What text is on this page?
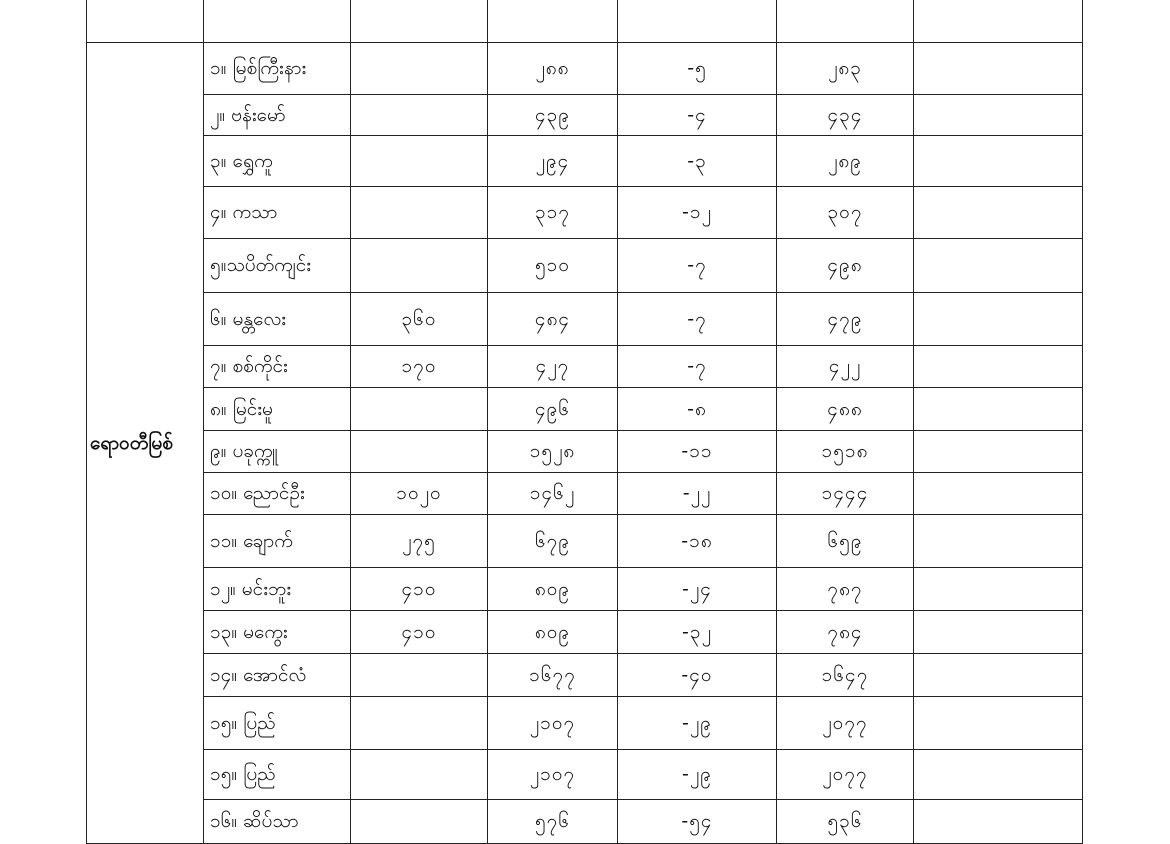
ရောဝတီမြစ်	၁။ မြစ်ကြီးနား		၂၈၈	-၅	၂၈၃	
	၂။ ဗန်းမော်		၄၃၉	-၄	၄၃၄	
	၃။ ရွှေကူ		၂၉၄	-၃	၂၈၉	
	၄။ ကသာ		၃၁၇	-၁၂	၃၀၇	
	၅။သပိတ်ကျင်း		၅၁၀	-၇	၄၉၈	
	၆။ မန္တလေး	၃၆၀	၄၈၄	-၇	၄၇၉	
	၇။ စစ်ကိုင်း	၁၇၀	၄၂၇	-၇	၄၂၂	
	၈။ မြင်းမူ		၄၉၆	-၈	၄၈၈	
	၉။ ပခုက္ကူ		၁၅၂၈	-၁၁	၁၅၁၈	
	၁၀။ ညောင်ဦး	၁၀၂၀	၁၄၆၂	-၂၂	၁၄၄၄	
	၁၁။ ချောက်	၂၇၅	၆၇၉	-၁၈	၆၅၉	
	၁၂။ မင်းဘူး	၄၁၀	၈၀၉	-၂၄	၇၈၇	
	၁၃။ မကွေး	၄၁၀	၈၀၉	-၃၂	၇၈၄	
	၁၄။ အောင်လံ		၁၆၇၇	-၄၀	၁၆၄၇	
	၁၅။ ပြည်		၂၁၀၇	-၂၉	၂၀၇၇	
	၁၅။ ပြည်		၂၁၀၇	-၂၉	၂၀၇၇	
	၁၆။ ဆိပ်သာ		၅၇၆	-၅၄	၅၃၆	
